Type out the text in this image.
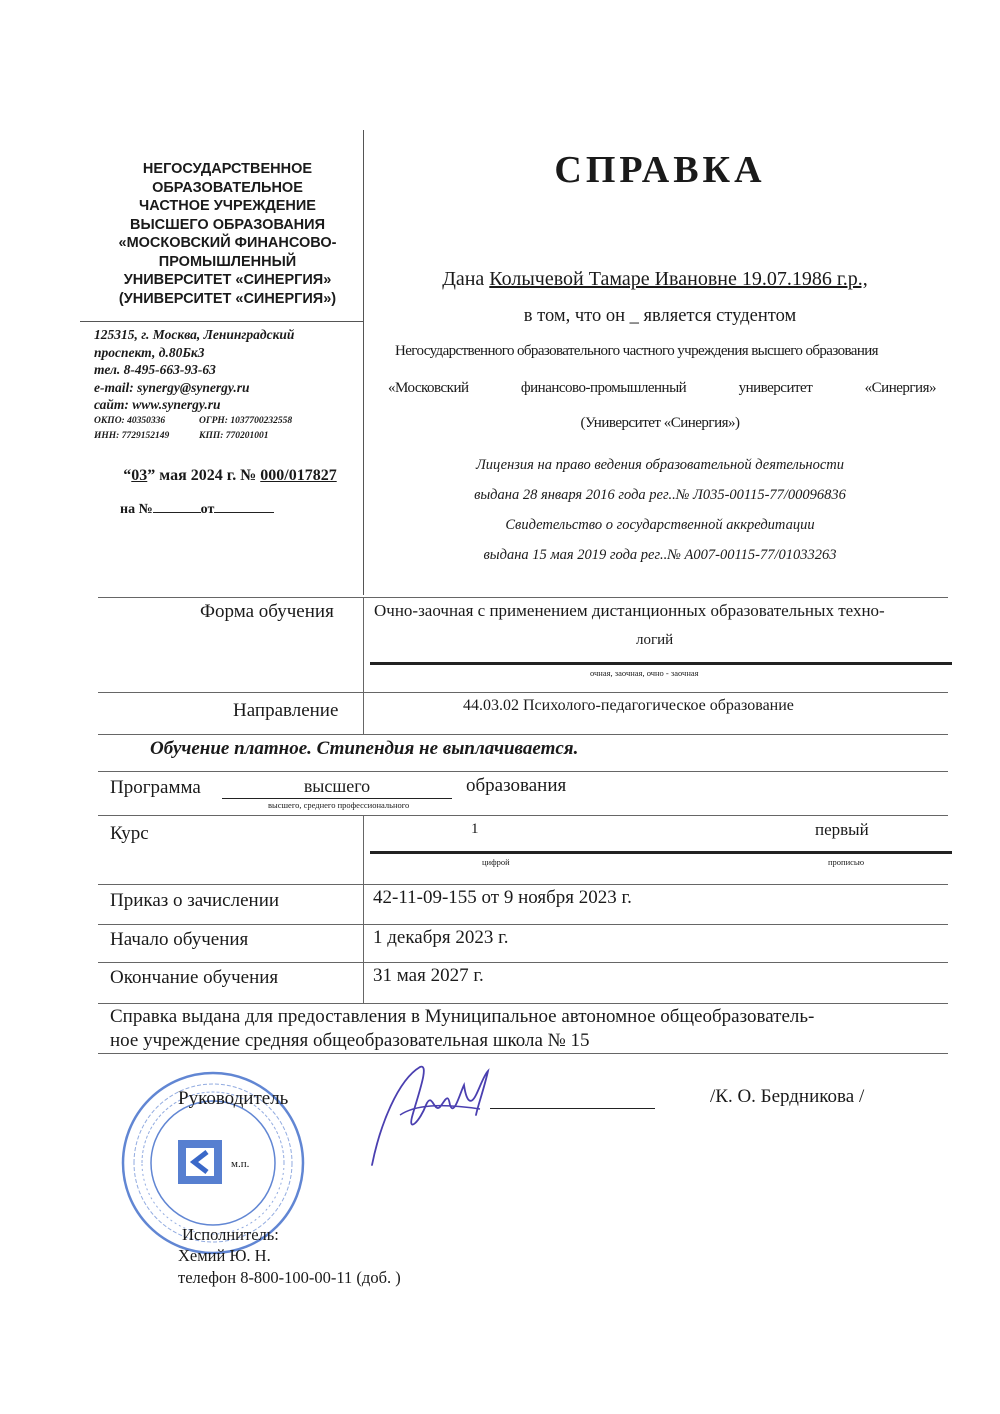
НЕГОСУДАРСТВЕННОЕ
ОБРАЗОВАТЕЛЬНОЕ
ЧАСТНОЕ УЧРЕЖДЕНИЕ
ВЫСШЕГО ОБРАЗОВАНИЯ
«МОСКОВСКИЙ ФИНАНСОВО-
ПРОМЫШЛЕННЫЙ
УНИВЕРСИТЕТ «СИНЕРГИЯ»
(УНИВЕРСИТЕТ «СИНЕРГИЯ»)
125315, г. Москва, Ленинградский
проспект, д.80Бк3
тел. 8-495-663-93-63
e-mail: synergy@synergy.ru
сайт: www.synergy.ru
ОКПО: 40350336	ОГРН: 1037700232558
ИНН: 7729152149	КПП: 770201001
“03” мая 2024 г. № 000/017827
на №	от
СПРАВКА
Дана Колычевой Тамаре Ивановне 19.07.1986 г.р.,
в том, что он _ является студентом
Негосударственного образовательного частного учреждения высшего образования
«Московский	финансово-промышленный	университет	«Синергия»
(Университет «Синергия»)
Лицензия на право ведения образовательной деятельности
выдана 28 января 2016 года рег..№ Л035-00115-77/00096836
Свидетельство о государственной аккредитации
выдана 15 мая 2019 года рег..№ А007-00115-77/01033263
Форма обучения Очно-заочная с применением дистанционных образовательных техно-
логий
очная, заочная, очно - заочная
Направление	44.03.02 Психолого-педагогическое образование
Обучение платное. Стипендия не выплачивается.
Программа	высшего
высшего, среднего профессионального
образования
Курс	1	первый
цифрой	прописью
Приказ о зачислении	42-11-09-155 от 9 ноября 2023 г.
Начало обучения	1 декабря 2023 г.
Окончание обучения	31 мая 2027 г.
Справка выдана для предоставления в Муниципальное автономное общеобразователь-
ное учреждение средняя общеобразовательная школа № 15
м.п.
Руководитель	/К. О. Бердникова /
Исполнитель:
Хемий Ю. Н.
телефон 8-800-100-00-11 (доб. )
